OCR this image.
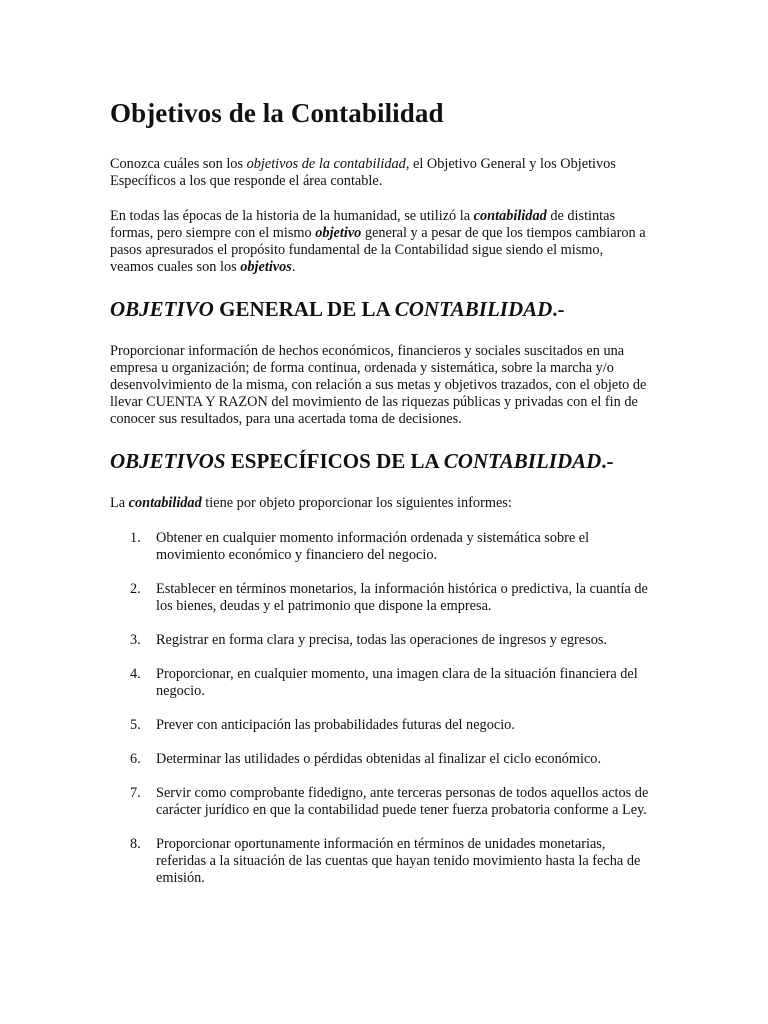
Objetivos de la Contabilidad

Conozca cuáles son los objetivos de la contabilidad, el Objetivo General y los Objetivos Específicos a los que responde el área contable.

En todas las épocas de la historia de la humanidad, se utilizó la contabilidad de distintas formas, pero siempre con el mismo objetivo general y a pesar de que los tiempos cambiaron a pasos apresurados el propósito fundamental de la Contabilidad sigue siendo el mismo, veamos cuales son los objetivos.

OBJETIVO GENERAL DE LA CONTABILIDAD.-

Proporcionar información de hechos económicos, financieros y sociales suscitados en una empresa u organización; de forma continua, ordenada y sistemática, sobre la marcha y/o desenvolvimiento de la misma, con relación a sus metas y objetivos trazados, con el objeto de llevar CUENTA Y RAZON del movimiento de las riquezas públicas y privadas con el fin de conocer sus resultados, para una acertada toma de decisiones.

OBJETIVOS ESPECÍFICOS DE LA CONTABILIDAD.-

La contabilidad tiene por objeto proporcionar los siguientes informes:

1.	Obtener en cualquier momento información ordenada y sistemática sobre el movimiento económico y financiero del negocio.
2.	Establecer en términos monetarios, la información histórica o predictiva, la cuantía de los bienes, deudas y el patrimonio que dispone la empresa.
3.	Registrar en forma clara y precisa, todas las operaciones de ingresos y egresos.
4.	Proporcionar, en cualquier momento, una imagen clara de la situación financiera del negocio.
5.	Prever con anticipación las probabilidades futuras del negocio.
6.	Determinar las utilidades o pérdidas obtenidas al finalizar el ciclo económico.
7.	Servir como comprobante fidedigno, ante terceras personas de todos aquellos actos de carácter jurídico en que la contabilidad puede tener fuerza probatoria conforme a Ley.
8.	Proporcionar oportunamente información en términos de unidades monetarias, referidas a la situación de las cuentas que hayan tenido movimiento hasta la fecha de emisión.
